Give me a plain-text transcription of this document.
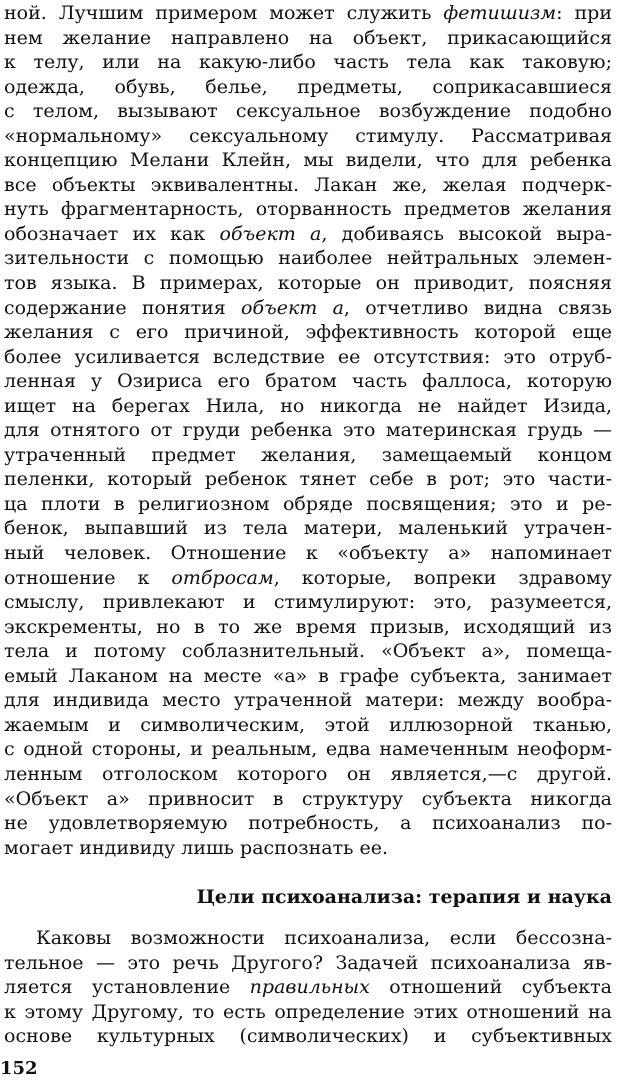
ной. Лучшим примером может служить фетишизм: при
нем желание направлено на объект, прикасающийся
к телу, или на какую-либо часть тела как таковую;
одежда, обувь, белье, предметы, соприкасавшиеся
с телом, вызывают сексуальное возбуждение подобно
«нормальному» сексуальному стимулу. Рассматривая
концепцию Мелани Клейн, мы видели, что для ребенка
все объекты эквивалентны. Лакан же, желая подчерк-
нуть фрагментарность, оторванность предметов желания
обозначает их как объект а, добиваясь высокой выра-
зительности с помощью наиболее нейтральных элемен-
тов языка. В примерах, которые он приводит, поясняя
содержание понятия объект а, отчетливо видна связь
желания с его причиной, эффективность которой еще
более усиливается вследствие ее отсутствия: это отруб-
ленная у Озириса его братом часть фаллоса, которую
ищет на берегах Нила, но никогда не найдет Изида,
для отнятого от груди ребенка это материнская грудь —
утраченный предмет желания, замещаемый концом
пеленки, который ребенок тянет себе в рот; это части-
ца плоти в религиозном обряде посвящения; это и ре-
бенок, выпавший из тела матери, маленький утрачен-
ный человек. Отношение к «объекту а» напоминает
отношение к отбросам, которые, вопреки здравому
смыслу, привлекают и стимулируют: это, разумеется,
экскременты, но в то же время призыв, исходящий из
тела и потому соблазнительный. «Объект а», помеща-
емый Лаканом на месте «а» в графе субъекта, занимает
для индивида место утраченной матери: между вообра-
жаемым и символическим, этой иллюзорной тканью,
с одной стороны, и реальным, едва намеченным неоформ-
ленным отголоском которого он является,—с другой.
«Объект а» привносит в структуру субъекта никогда
не удовлетворяемую потребность, а психоанализ по-
могает индивиду лишь распознать ее.
Цели психоанализа: терапия и наука
Каковы возможности психоанализа, если бессозна-
тельное — это речь Другого? Задачей психоанализа яв-
ляется установление правильных отношений субъекта
к этому Другому, то есть определение этих отношений на
основе культурных (символических) и субъективных
152
